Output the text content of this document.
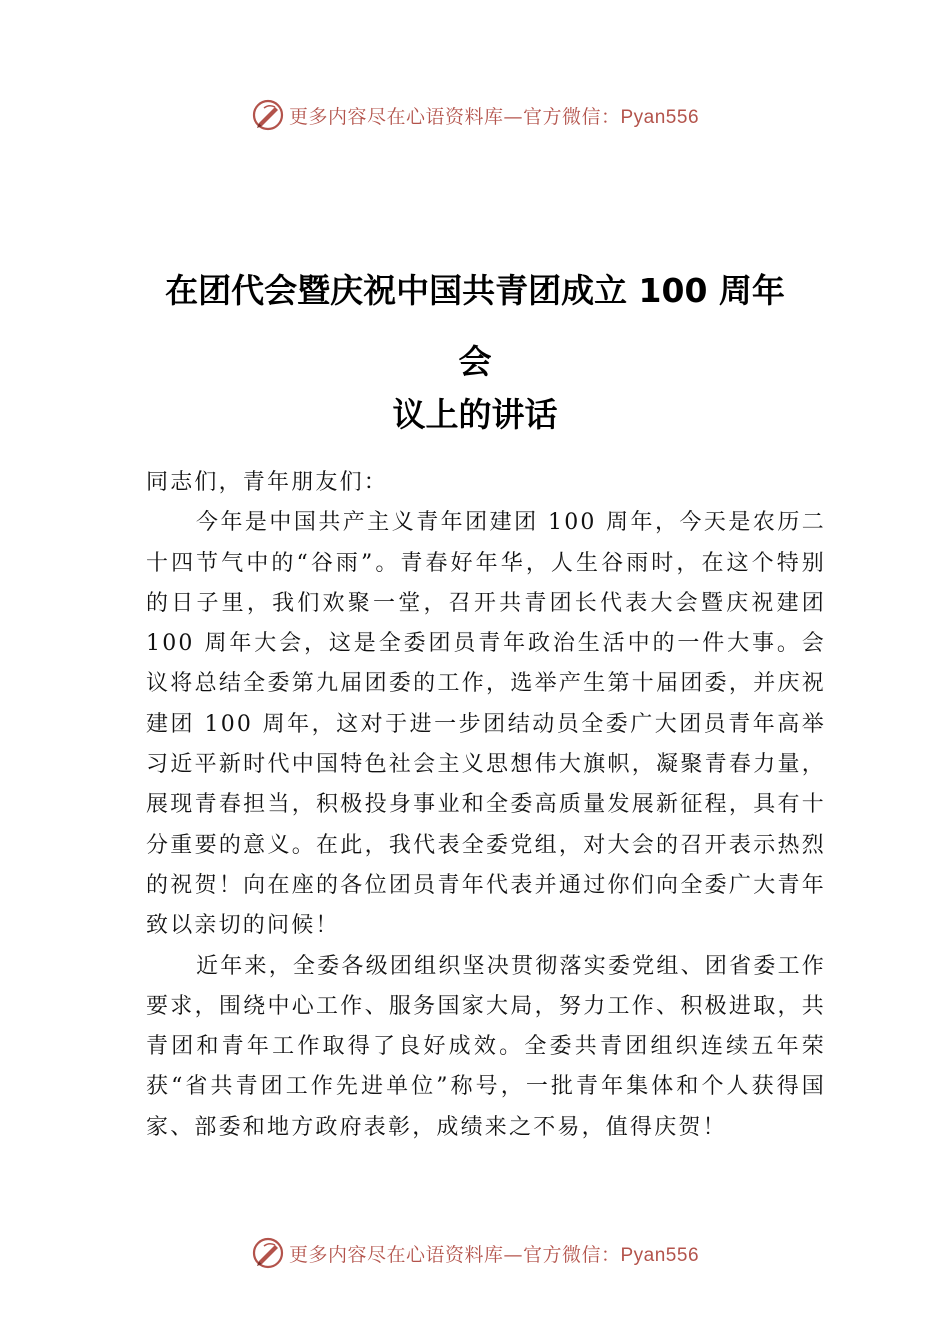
更多内容尽在心语资料库—官方微信：Pyan556
在团代会暨庆祝中国共青团成立 100 周年
会
议上的讲话

同志们，青年朋友们：

今年是中国共产主义青年团建团 100 周年，今天是农历二十四节气中的“谷雨”。青春好年华，人生谷雨时，在这个特别的日子里，我们欢聚一堂，召开共青团长代表大会暨庆祝建团 100 周年大会，这是全委团员青年政治生活中的一件大事。会议将总结全委第九届团委的工作，选举产生第十届团委，并庆祝建团 100 周年，这对于进一步团结动员全委广大团员青年高举习近平新时代中国特色社会主义思想伟大旗帜，凝聚青春力量，展现青春担当，积极投身事业和全委高质量发展新征程，具有十分重要的意义。在此，我代表全委党组，对大会的召开表示热烈的祝贺！向在座的各位团员青年代表并通过你们向全委广大青年致以亲切的问候！

近年来，全委各级团组织坚决贯彻落实委党组、团省委工作要求，围绕中心工作、服务国家大局，努力工作、积极进取，共青团和青年工作取得了良好成效。全委共青团组织连续五年荣获“省共青团工作先进单位”称号，一批青年集体和个人获得国家、部委和地方政府表彰，成绩来之不易，值得庆贺！

更多内容尽在心语资料库—官方微信：Pyan556
